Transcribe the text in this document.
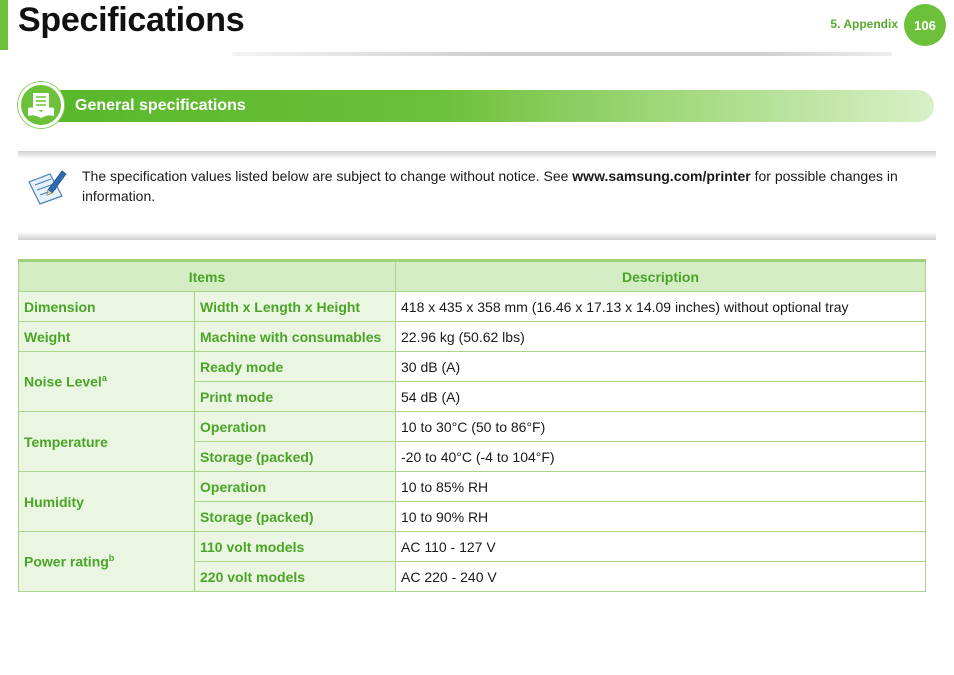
Specifications	5. Appendix	106
General specifications
The specification values listed below are subject to change without notice. See www.samsung.com/printer for possible changes in information.
Items		Description
Dimension	Width x Length x Height	418 x 435 x 358 mm (16.46 x 17.13 x 14.09 inches) without optional tray
Weight	Machine with consumables	22.96 kg (50.62 lbs)
Noise Level$^a$	Ready mode	30 dB (A)
	Print mode	54 dB (A)
Temperature	Operation	10 to 30°C (50 to 86°F)
	Storage (packed)	-20 to 40°C (-4 to 104°F)
Humidity	Operation	10 to 85% RH
	Storage (packed)	10 to 90% RH
Power rating$^b$	110 volt models	AC 110 - 127 V
	220 volt models	AC 220 - 240 V
